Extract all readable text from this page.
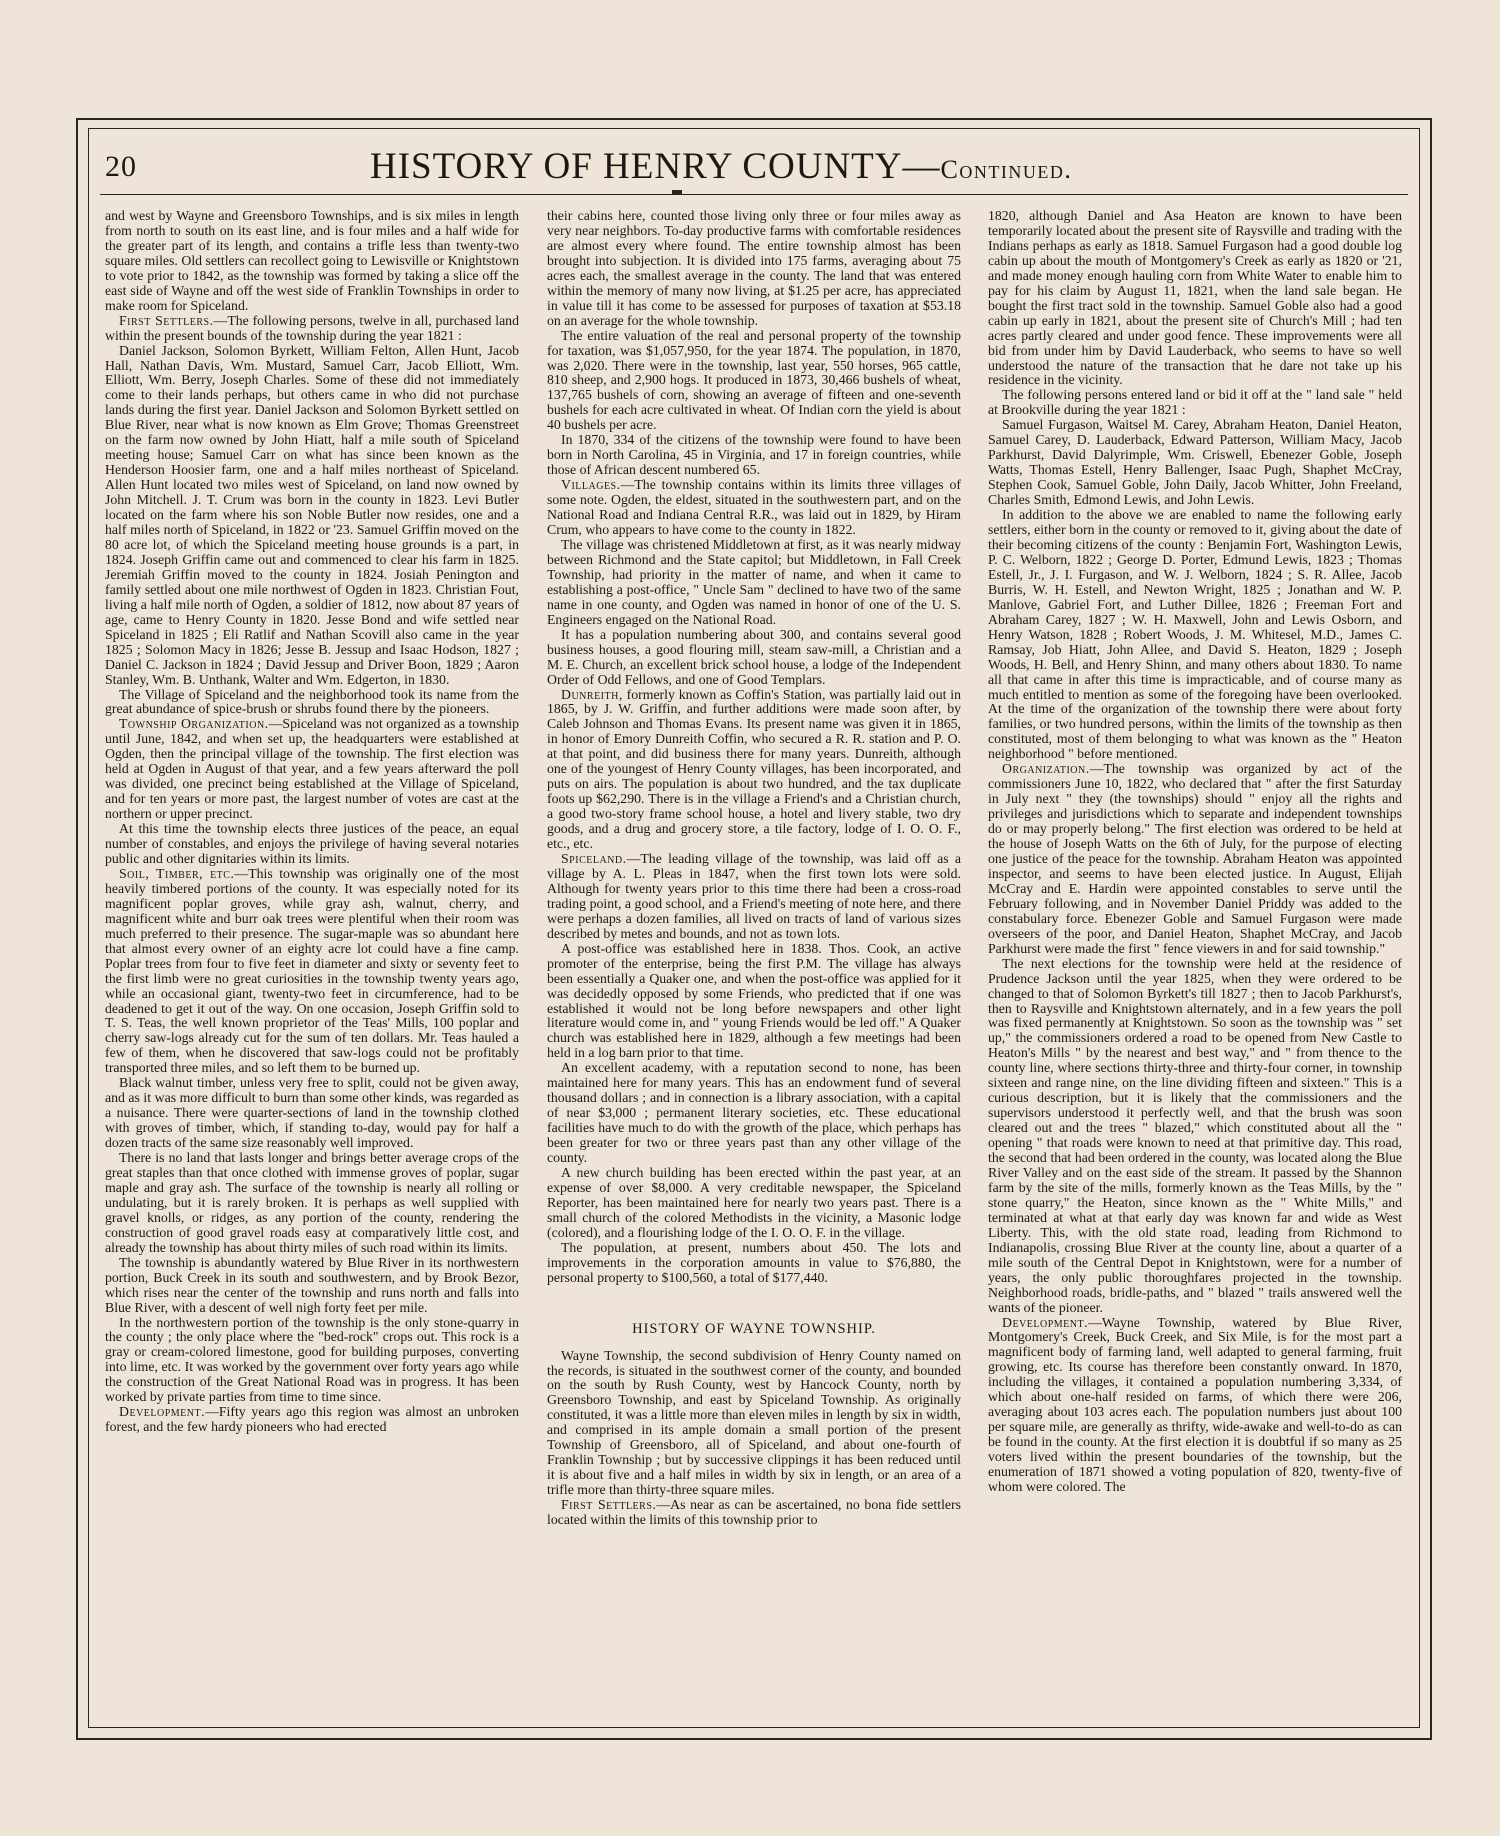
20	HISTORY OF HENRY COUNTY—Continued.

and west by Wayne and Greensboro Townships, and is six miles in length from north to south on its east line, and is four miles and a half wide for the greater part of its length, and contains a trifle less than twenty-two square miles. Old settlers can recollect going to Lewisville or Knightstown to vote prior to 1842, as the township was formed by taking a slice off the east side of Wayne and off the west side of Franklin Townships in order to make room for Spiceland.

First Settlers.—The following persons, twelve in all, purchased land within the present bounds of the township during the year 1821 :

Daniel Jackson, Solomon Byrkett, William Felton, Allen Hunt, Jacob Hall, Nathan Davis, Wm. Mustard, Samuel Carr, Jacob Elliott, Wm. Elliott, Wm. Berry, Joseph Charles. Some of these did not immediately come to their lands perhaps, but others came in who did not purchase lands during the first year. Daniel Jackson and Solomon Byrkett settled on Blue River, near what is now known as Elm Grove; Thomas Greenstreet on the farm now owned by John Hiatt, half a mile south of Spiceland meeting house; Samuel Carr on what has since been known as the Henderson Hoosier farm, one and a half miles northeast of Spiceland. Allen Hunt located two miles west of Spiceland, on land now owned by John Mitchell. J. T. Crum was born in the county in 1823. Levi Butler located on the farm where his son Noble Butler now resides, one and a half miles north of Spiceland, in 1822 or '23. Samuel Griffin moved on the 80 acre lot, of which the Spiceland meeting house grounds is a part, in 1824. Joseph Griffin came out and commenced to clear his farm in 1825. Jeremiah Griffin moved to the county in 1824. Josiah Penington and family settled about one mile northwest of Ogden in 1823. Christian Fout, living a half mile north of Ogden, a soldier of 1812, now about 87 years of age, came to Henry County in 1820. Jesse Bond and wife settled near Spiceland in 1825 ; Eli Ratlif and Nathan Scovill also came in the year 1825 ; Solomon Macy in 1826; Jesse B. Jessup and Isaac Hodson, 1827 ; Daniel C. Jackson in 1824 ; David Jessup and Driver Boon, 1829 ; Aaron Stanley, Wm. B. Unthank, Walter and Wm. Edgerton, in 1830.

The Village of Spiceland and the neighborhood took its name from the great abundance of spice-brush or shrubs found there by the pioneers.

Township Organization.—Spiceland was not organized as a township until June, 1842, and when set up, the headquarters were established at Ogden, then the principal village of the township. The first election was held at Ogden in August of that year, and a few years afterward the poll was divided, one precinct being established at the Village of Spiceland, and for ten years or more past, the largest number of votes are cast at the northern or upper precinct.

At this time the township elects three justices of the peace, an equal number of constables, and enjoys the privilege of having several notaries public and other dignitaries within its limits.

Soil, Timber, etc.—This township was originally one of the most heavily timbered portions of the county. It was especially noted for its magnificent poplar groves, while gray ash, walnut, cherry, and magnificent white and burr oak trees were plentiful when their room was much preferred to their presence. The sugar-maple was so abundant here that almost every owner of an eighty acre lot could have a fine camp. Poplar trees from four to five feet in diameter and sixty or seventy feet to the first limb were no great curiosities in the township twenty years ago, while an occasional giant, twenty-two feet in circumference, had to be deadened to get it out of the way. On one occasion, Joseph Griffin sold to T. S. Teas, the well known proprietor of the Teas' Mills, 100 poplar and cherry saw-logs already cut for the sum of ten dollars. Mr. Teas hauled a few of them, when he discovered that saw-logs could not be profitably transported three miles, and so left them to be burned up.

Black walnut timber, unless very free to split, could not be given away, and as it was more difficult to burn than some other kinds, was regarded as a nuisance. There were quarter-sections of land in the township clothed with groves of timber, which, if standing to-day, would pay for half a dozen tracts of the same size reasonably well improved.

There is no land that lasts longer and brings better average crops of the great staples than that once clothed with immense groves of poplar, sugar maple and gray ash. The surface of the township is nearly all rolling or undulating, but it is rarely broken. It is perhaps as well supplied with gravel knolls, or ridges, as any portion of the county, rendering the construction of good gravel roads easy at comparatively little cost, and already the township has about thirty miles of such road within its limits.

The township is abundantly watered by Blue River in its northwestern portion, Buck Creek in its south and southwestern, and by Brook Bezor, which rises near the center of the township and runs north and falls into Blue River, with a descent of well nigh forty feet per mile.

In the northwestern portion of the township is the only stone-quarry in the county ; the only place where the "bed-rock" crops out. This rock is a gray or cream-colored limestone, good for building purposes, converting into lime, etc. It was worked by the government over forty years ago while the construction of the Great National Road was in progress. It has been worked by private parties from time to time since.

Development.—Fifty years ago this region was almost an unbroken forest, and the few hardy pioneers who had erected

their cabins here, counted those living only three or four miles away as very near neighbors. To-day productive farms with comfortable residences are almost every where found. The entire township almost has been brought into subjection. It is divided into 175 farms, averaging about 75 acres each, the smallest average in the county. The land that was entered within the memory of many now living, at $1.25 per acre, has appreciated in value till it has come to be assessed for purposes of taxation at $53.18 on an average for the whole township.

The entire valuation of the real and personal property of the township for taxation, was $1,057,950, for the year 1874. The population, in 1870, was 2,020. There were in the township, last year, 550 horses, 965 cattle, 810 sheep, and 2,900 hogs. It produced in 1873, 30,466 bushels of wheat, 137,765 bushels of corn, showing an average of fifteen and one-seventh bushels for each acre cultivated in wheat. Of Indian corn the yield is about 40 bushels per acre.

In 1870, 334 of the citizens of the township were found to have been born in North Carolina, 45 in Virginia, and 17 in foreign countries, while those of African descent numbered 65.

Villages.—The township contains within its limits three villages of some note. Ogden, the eldest, situated in the southwestern part, and on the National Road and Indiana Central R.R., was laid out in 1829, by Hiram Crum, who appears to have come to the county in 1822.

The village was christened Middletown at first, as it was nearly midway between Richmond and the State capitol; but Middletown, in Fall Creek Township, had priority in the matter of name, and when it came to establishing a post-office, " Uncle Sam " declined to have two of the same name in one county, and Ogden was named in honor of one of the U. S. Engineers engaged on the National Road.

It has a population numbering about 300, and contains several good business houses, a good flouring mill, steam saw-mill, a Christian and a M. E. Church, an excellent brick school house, a lodge of the Independent Order of Odd Fellows, and one of Good Templars.

Dunreith, formerly known as Coffin's Station, was partially laid out in 1865, by J. W. Griffin, and further additions were made soon after, by Caleb Johnson and Thomas Evans. Its present name was given it in 1865, in honor of Emory Dunreith Coffin, who secured a R. R. station and P. O. at that point, and did business there for many years. Dunreith, although one of the youngest of Henry County villages, has been incorporated, and puts on airs. The population is about two hundred, and the tax duplicate foots up $62,290. There is in the village a Friend's and a Christian church, a good two-story frame school house, a hotel and livery stable, two dry goods, and a drug and grocery store, a tile factory, lodge of I. O. O. F., etc., etc.

Spiceland.—The leading village of the township, was laid off as a village by A. L. Pleas in 1847, when the first town lots were sold. Although for twenty years prior to this time there had been a cross-road trading point, a good school, and a Friend's meeting of note here, and there were perhaps a dozen families, all lived on tracts of land of various sizes described by metes and bounds, and not as town lots.

A post-office was established here in 1838. Thos. Cook, an active promoter of the enterprise, being the first P.M. The village has always been essentially a Quaker one, and when the post-office was applied for it was decidedly opposed by some Friends, who predicted that if one was established it would not be long before newspapers and other light literature would come in, and " young Friends would be led off." A Quaker church was established here in 1829, although a few meetings had been held in a log barn prior to that time.

An excellent academy, with a reputation second to none, has been maintained here for many years. This has an endowment fund of several thousand dollars ; and in connection is a library association, with a capital of near $3,000 ; permanent literary societies, etc. These educational facilities have much to do with the growth of the place, which perhaps has been greater for two or three years past than any other village of the county.

A new church building has been erected within the past year, at an expense of over $8,000. A very creditable newspaper, the Spiceland Reporter, has been maintained here for nearly two years past. There is a small church of the colored Methodists in the vicinity, a Masonic lodge (colored), and a flourishing lodge of the I. O. O. F. in the village.

The population, at present, numbers about 450. The lots and improvements in the corporation amounts in value to $76,880, the personal property to $100,560, a total of $177,440.

HISTORY OF WAYNE TOWNSHIP.

Wayne Township, the second subdivision of Henry County named on the records, is situated in the southwest corner of the county, and bounded on the south by Rush County, west by Hancock County, north by Greensboro Township, and east by Spiceland Township. As originally constituted, it was a little more than eleven miles in length by six in width, and comprised in its ample domain a small portion of the present Township of Greensboro, all of Spiceland, and about one-fourth of Franklin Township ; but by successive clippings it has been reduced until it is about five and a half miles in width by six in length, or an area of a trifle more than thirty-three square miles.

First Settlers.—As near as can be ascertained, no bona fide settlers located within the limits of this township prior to

1820, although Daniel and Asa Heaton are known to have been temporarily located about the present site of Raysville and trading with the Indians perhaps as early as 1818. Samuel Furgason had a good double log cabin up about the mouth of Montgomery's Creek as early as 1820 or '21, and made money enough hauling corn from White Water to enable him to pay for his claim by August 11, 1821, when the land sale began. He bought the first tract sold in the township. Samuel Goble also had a good cabin up early in 1821, about the present site of Church's Mill ; had ten acres partly cleared and under good fence. These improvements were all bid from under him by David Lauderback, who seems to have so well understood the nature of the transaction that he dare not take up his residence in the vicinity.

The following persons entered land or bid it off at the " land sale " held at Brookville during the year 1821 :

Samuel Furgason, Waitsel M. Carey, Abraham Heaton, Daniel Heaton, Samuel Carey, D. Lauderback, Edward Patterson, William Macy, Jacob Parkhurst, David Dalyrimple, Wm. Criswell, Ebenezer Goble, Joseph Watts, Thomas Estell, Henry Ballenger, Isaac Pugh, Shaphet McCray, Stephen Cook, Samuel Goble, John Daily, Jacob Whitter, John Freeland, Charles Smith, Edmond Lewis, and John Lewis.

In addition to the above we are enabled to name the following early settlers, either born in the county or removed to it, giving about the date of their becoming citizens of the county : Benjamin Fort, Washington Lewis, P. C. Welborn, 1822 ; George D. Porter, Edmund Lewis, 1823 ; Thomas Estell, Jr., J. I. Furgason, and W. J. Welborn, 1824 ; S. R. Allee, Jacob Burris, W. H. Estell, and Newton Wright, 1825 ; Jonathan and W. P. Manlove, Gabriel Fort, and Luther Dillee, 1826 ; Freeman Fort and Abraham Carey, 1827 ; W. H. Maxwell, John and Lewis Osborn, and Henry Watson, 1828 ; Robert Woods, J. M. Whitesel, M.D., James C. Ramsay, Job Hiatt, John Allee, and David S. Heaton, 1829 ; Joseph Woods, H. Bell, and Henry Shinn, and many others about 1830. To name all that came in after this time is impracticable, and of course many as much entitled to mention as some of the foregoing have been overlooked. At the time of the organization of the township there were about forty families, or two hundred persons, within the limits of the township as then constituted, most of them belonging to what was known as the " Heaton neighborhood " before mentioned.

Organization.—The township was organized by act of the commissioners June 10, 1822, who declared that " after the first Saturday in July next " they (the townships) should " enjoy all the rights and privileges and jurisdictions which to separate and independent townships do or may properly belong." The first election was ordered to be held at the house of Joseph Watts on the 6th of July, for the purpose of electing one justice of the peace for the township. Abraham Heaton was appointed inspector, and seems to have been elected justice. In August, Elijah McCray and E. Hardin were appointed constables to serve until the February following, and in November Daniel Priddy was added to the constabulary force. Ebenezer Goble and Samuel Furgason were made overseers of the poor, and Daniel Heaton, Shaphet McCray, and Jacob Parkhurst were made the first " fence viewers in and for said township."

The next elections for the township were held at the residence of Prudence Jackson until the year 1825, when they were ordered to be changed to that of Solomon Byrkett's till 1827 ; then to Jacob Parkhurst's, then to Raysville and Knightstown alternately, and in a few years the poll was fixed permanently at Knightstown. So soon as the township was " set up," the commissioners ordered a road to be opened from New Castle to Heaton's Mills " by the nearest and best way," and " from thence to the county line, where sections thirty-three and thirty-four corner, in township sixteen and range nine, on the line dividing fifteen and sixteen." This is a curious description, but it is likely that the commissioners and the supervisors understood it perfectly well, and that the brush was soon cleared out and the trees " blazed," which constituted about all the " opening " that roads were known to need at that primitive day. This road, the second that had been ordered in the county, was located along the Blue River Valley and on the east side of the stream. It passed by the Shannon farm by the site of the mills, formerly known as the Teas Mills, by the " stone quarry," the Heaton, since known as the " White Mills," and terminated at what at that early day was known far and wide as West Liberty. This, with the old state road, leading from Richmond to Indianapolis, crossing Blue River at the county line, about a quarter of a mile south of the Central Depot in Knightstown, were for a number of years, the only public thoroughfares projected in the township. Neighborhood roads, bridle-paths, and " blazed " trails answered well the wants of the pioneer.

Development.—Wayne Township, watered by Blue River, Montgomery's Creek, Buck Creek, and Six Mile, is for the most part a magnificent body of farming land, well adapted to general farming, fruit growing, etc. Its course has therefore been constantly onward. In 1870, including the villages, it contained a population numbering 3,334, of which about one-half resided on farms, of which there were 206, averaging about 103 acres each. The population numbers just about 100 per square mile, are generally as thrifty, wide-awake and well-to-do as can be found in the county. At the first election it is doubtful if so many as 25 voters lived within the present boundaries of the township, but the enumeration of 1871 showed a voting population of 820, twenty-five of whom were colored. The
